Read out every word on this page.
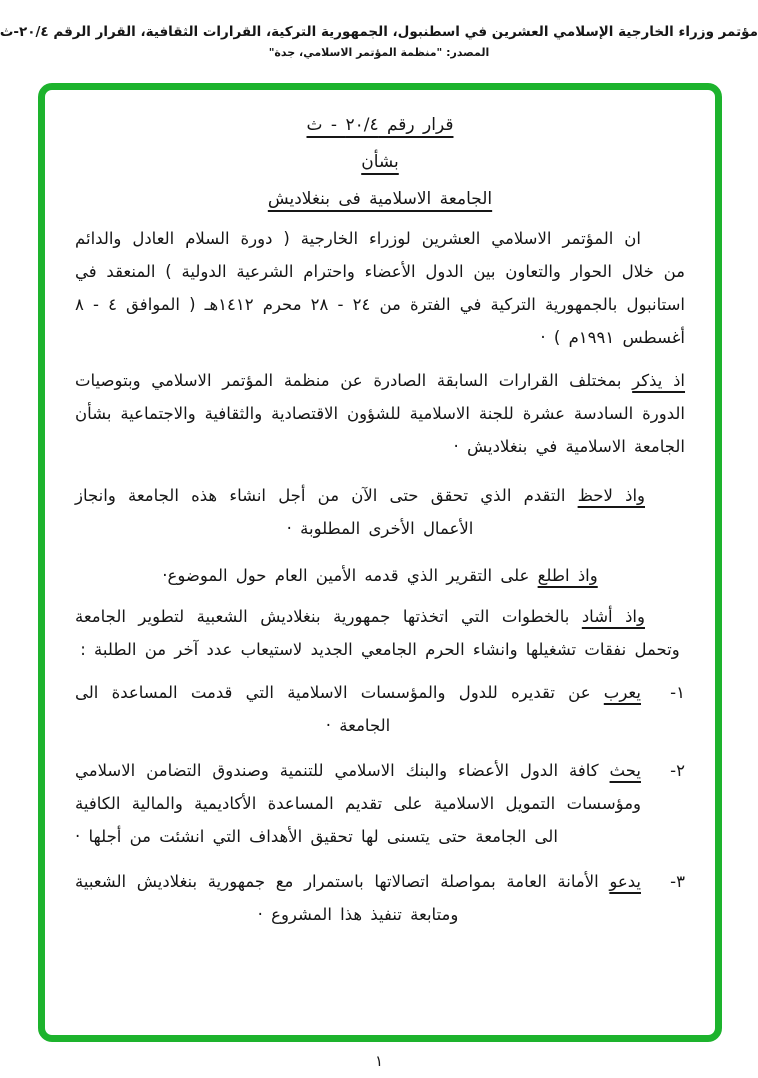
مؤتمر وزراء الخارجية الإسلامي العشرين في اسطنبول، الجمهورية التركية، القرارات الثقافية، القرار الرقم ٢٠/٤-ث
المصدر: "منظمة المؤتمر الاسلامي، جدة"
قرار رقم ٢٠/٤ - ث
بشأن
الجامعة الاسلامية فى بنغلاديش

ان المؤتمر الاسلامي العشرين لوزراء الخارجية ( دورة السلام العادل والدائم من خلال الحوار والتعاون بين الدول الأعضاء واحترام الشرعية الدولية ) المنعقد في استانبول بالجمهورية التركية في الفترة من ٢٤ - ٢٨ محرم ١٤١٢هـ ( الموافق ٤ - ٨ أغسطس ١٩٩١م ) ·

اذ يذكر بمختلف القرارات السابقة الصادرة عن منظمة المؤتمر الاسلامي وبتوصيات الدورة السادسة عشرة للجنة الاسلامية للشؤون الاقتصادية والثقافية والاجتماعية بشأن الجامعة الاسلامية في بنغلاديش ·

واذ لاحظ التقدم الذي تحقق حتى الآن من أجل انشاء هذه الجامعة وانجاز الأعمال الأخرى المطلوبة ·

واذ اطلع على التقرير الذي قدمه الأمين العام حول الموضوع·

واذ أشاد بالخطوات التي اتخذتها جمهورية بنغلاديش الشعبية لتطوير الجامعة وتحمل نفقات تشغيلها وانشاء الحرم الجامعي الجديد لاستيعاب عدد آخر من الطلبة :

١-
يعرب عن تقديره للدول والمؤسسات الاسلامية التي قدمت المساعدة الى الجامعة ·
٢-
يحث كافة الدول الأعضاء والبنك الاسلامي للتنمية وصندوق التضامن الاسلامي ومؤسسات التمويل الاسلامية على تقديم المساعدة الأكاديمية والمالية الكافية الى الجامعة حتى يتسنى لها تحقيق الأهداف التي انشئت من أجلها ·
٣-
يدعو الأمانة العامة بمواصلة اتصالاتها باستمرار مع جمهورية بنغلاديش الشعبية ومتابعة تنفيذ هذا المشروع ·
١
